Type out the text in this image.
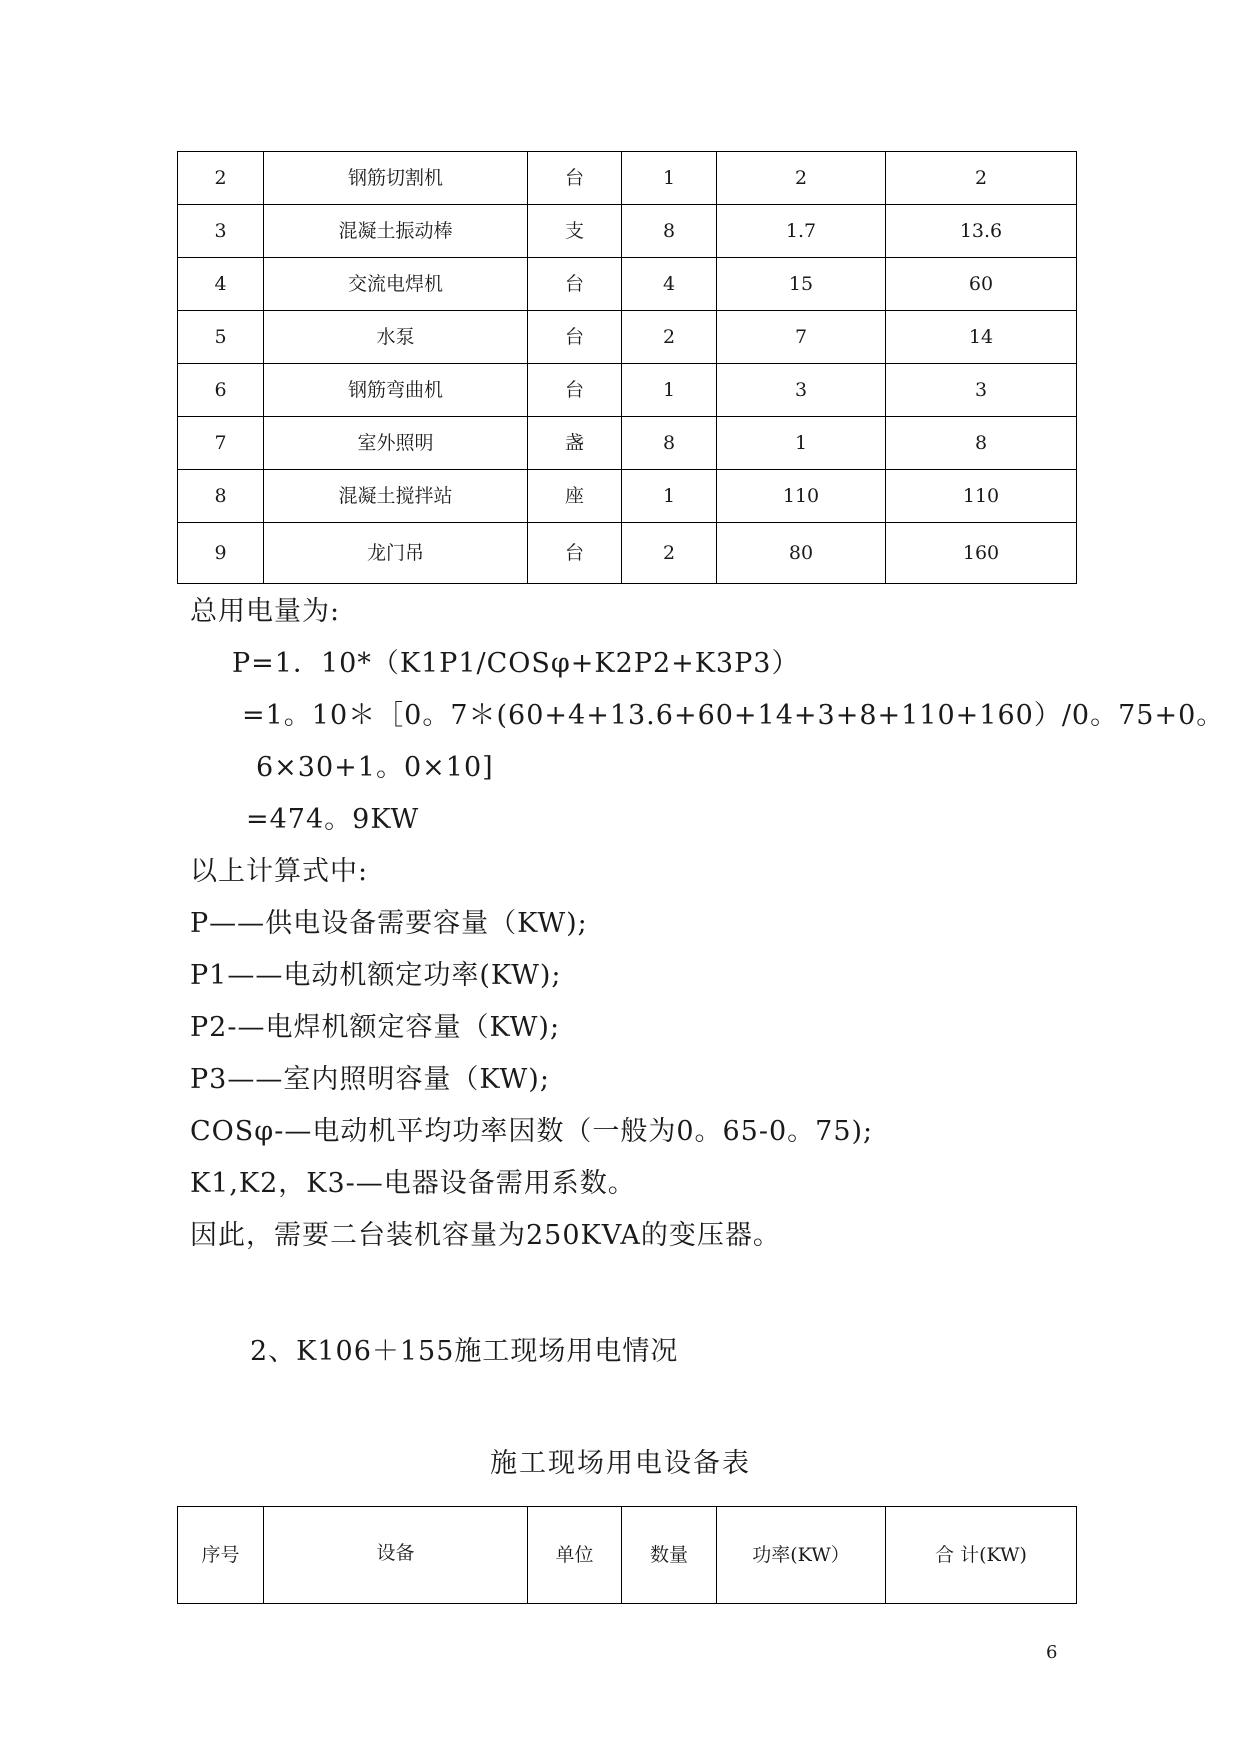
2	钢筋切割机	台	1	2	2
3	混凝土振动棒	支	8	1.7	13.6
4	交流电焊机	台	4	15	60
5	水泵	台	2	7	14
6	钢筋弯曲机	台	1	3	3
7	室外照明	盏	8	1	8
8	混凝土搅拌站	座	1	110	110
9	龙门吊	台	2	80	160
总用电量为:
P=1．10*（K1P1/COSφ+K2P2+K3P3）
=1。10＊［0。7＊(60+4+13.6+60+14+3+8+110+160）/0。75+0。
6×30+1。0×10]
=474。9KW
以上计算式中:
P——供电设备需要容量（KW);
P1——电动机额定功率(KW);
P2-—电焊机额定容量（KW);
P3——室内照明容量（KW);
COSφ-—电动机平均功率因数（一般为0。65-0。75);
K1,K2，K3-—电器设备需用系数。
因此，需要二台装机容量为250KVA的变压器。
2、K106＋155施工现场用电情况
施工现场用电设备表
序号	设备	单位	数量	功率(KW）	合 计(KW)
6
